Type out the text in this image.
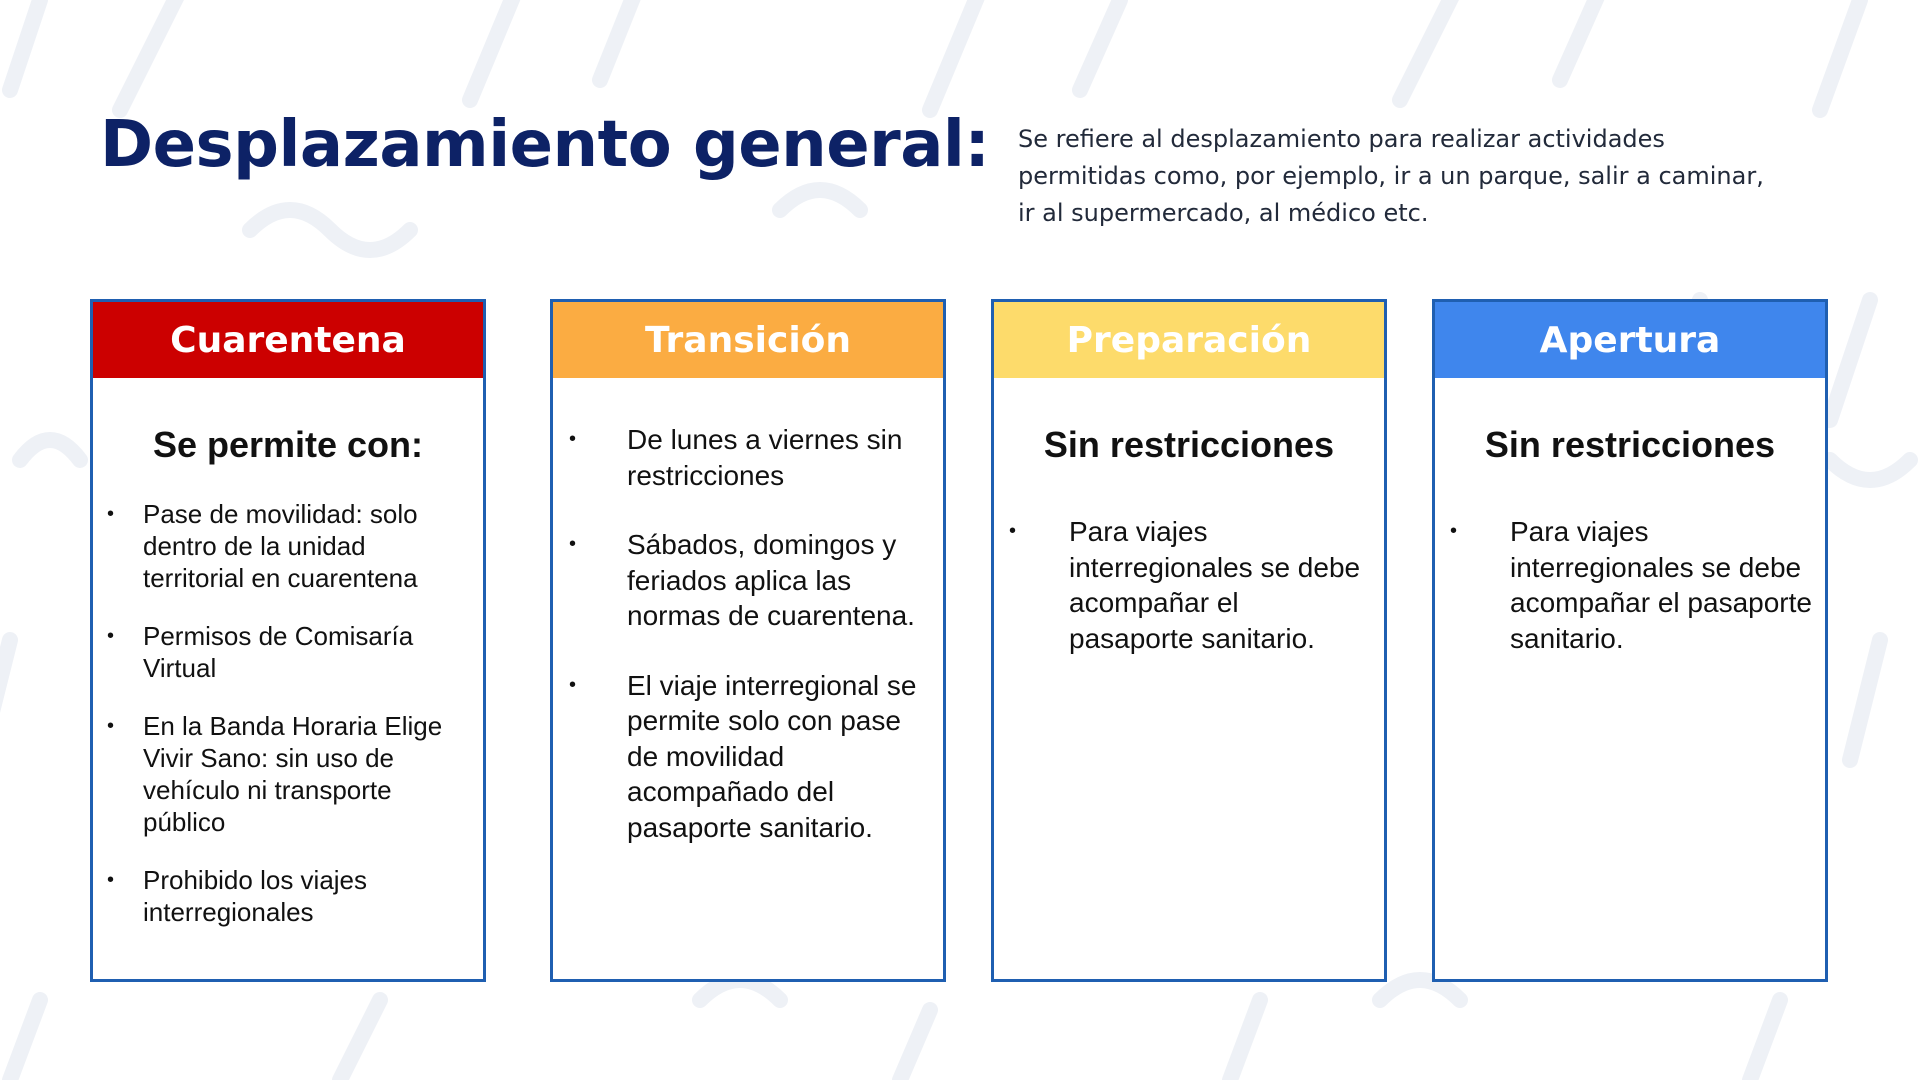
Desplazamiento general: Se refiere al desplazamiento para realizar actividades permitidas como, por ejemplo, ir a un parque, salir a caminar, ir al supermercado, al médico etc.

Cuarentena
Se permite con:
• Pase de movilidad: solo dentro de la unidad territorial en cuarentena
• Permisos de Comisaría Virtual
• En la Banda Horaria Elige Vivir Sano: sin uso de vehículo ni transporte público
• Prohibido los viajes interregionales
Transición
• De lunes a viernes sin restricciones
• Sábados, domingos y feriados aplica las normas de cuarentena.
• El viaje interregional se permite solo con pase de movilidad acompañado del pasaporte sanitario.
Preparación
Sin restricciones
• Para viajes interregionales se debe acompañar el pasaporte sanitario.
Apertura
Sin restricciones
• Para viajes interregionales se debe acompañar el pasaporte sanitario.
